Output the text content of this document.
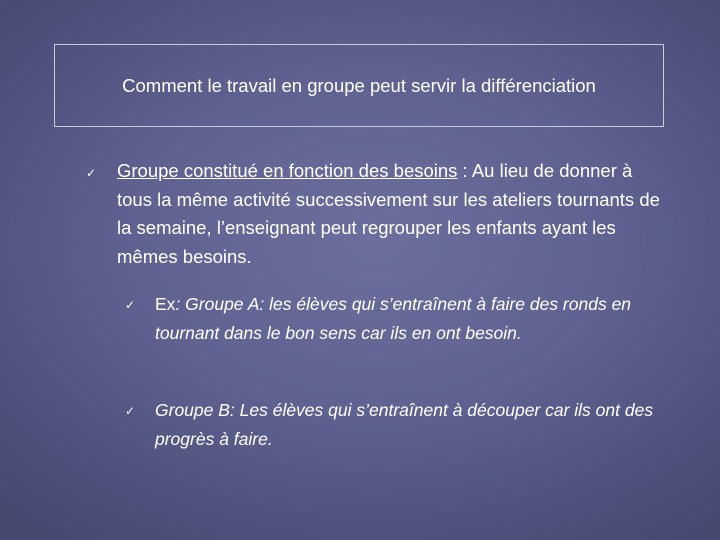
Comment le travail en groupe peut servir la différenciation
✓ Groupe constitué en fonction des besoins : Au lieu de donner à tous la même activité successivement sur les ateliers tournants de la semaine, l’enseignant peut regrouper les enfants ayant les mêmes besoins.
✓ Ex: Groupe A: les élèves qui s’entraînent à faire des ronds en tournant dans le bon sens car ils en ont besoin.
✓ Groupe B: Les élèves qui s’entraînent à découper car ils ont des progrès à faire.
